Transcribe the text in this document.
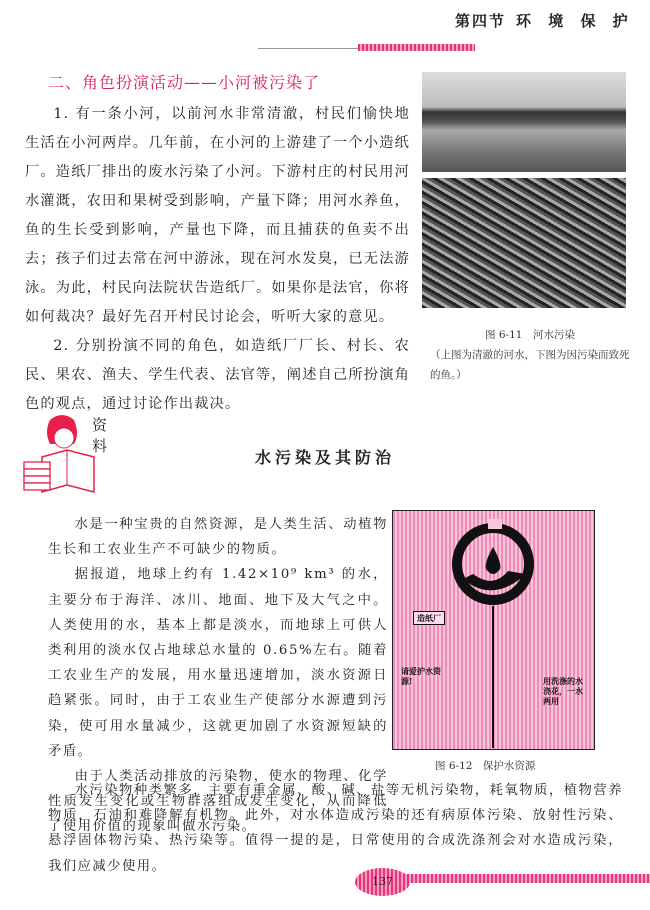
第四节 环 境 保 护
二、角色扮演活动——小河被污染了

1. 有一条小河，以前河水非常清澈，村民们愉快地生活在小河两岸。几年前，在小河的上游建了一个小造纸厂。造纸厂排出的废水污染了小河。下游村庄的村民用河水灌溉，农田和果树受到影响，产量下降；用河水养鱼，鱼的生长受到影响，产量也下降，而且捕获的鱼卖不出去；孩子们过去常在河中游泳，现在河水发臭，已无法游泳。为此，村民向法院状告造纸厂。如果你是法官，你将如何裁决？最好先召开村民讨论会，听听大家的意见。

2. 分别扮演不同的角色，如造纸厂厂长、村长、农民、果农、渔夫、学生代表、法官等，阐述自己所扮演角色的观点，通过讨论作出裁决。

图 6-11　河水污染
（上图为清澈的河水，下图为因污染而致死的鱼。）
资料
水污染及其防治

水是一种宝贵的自然资源，是人类生活、动植物生长和工农业生产不可缺少的物质。

据报道，地球上约有 1.42×10⁹ km³ 的水，主要分布于海洋、冰川、地面、地下及大气之中。人类使用的水，基本上都是淡水，而地球上可供人类利用的淡水仅占地球总水量的 0.65%左右。随着工农业生产的发展，用水量迅速增加，淡水资源日趋紧张。同时，由于工农业生产使部分水源遭到污染，使可用水量减少，这就更加剧了水资源短缺的矛盾。

由于人类活动排放的污染物，使水的物理、化学性质发生变化或生物群落组成发生变化，从而降低了使用价值的现象叫做水污染。

造纸厂
请爱护水资源!	用洗涤的水浇花，一水两用
图 6-12　保护水资源

水污染物种类繁多，主要有重金属、酸、碱、盐等无机污染物，耗氧物质，植物营养物质，石油和难降解有机物。此外，对水体造成污染的还有病原体污染、放射性污染、悬浮固体物污染、热污染等。值得一提的是，日常使用的合成洗涤剂会对水造成污染，我们应减少使用。

137
